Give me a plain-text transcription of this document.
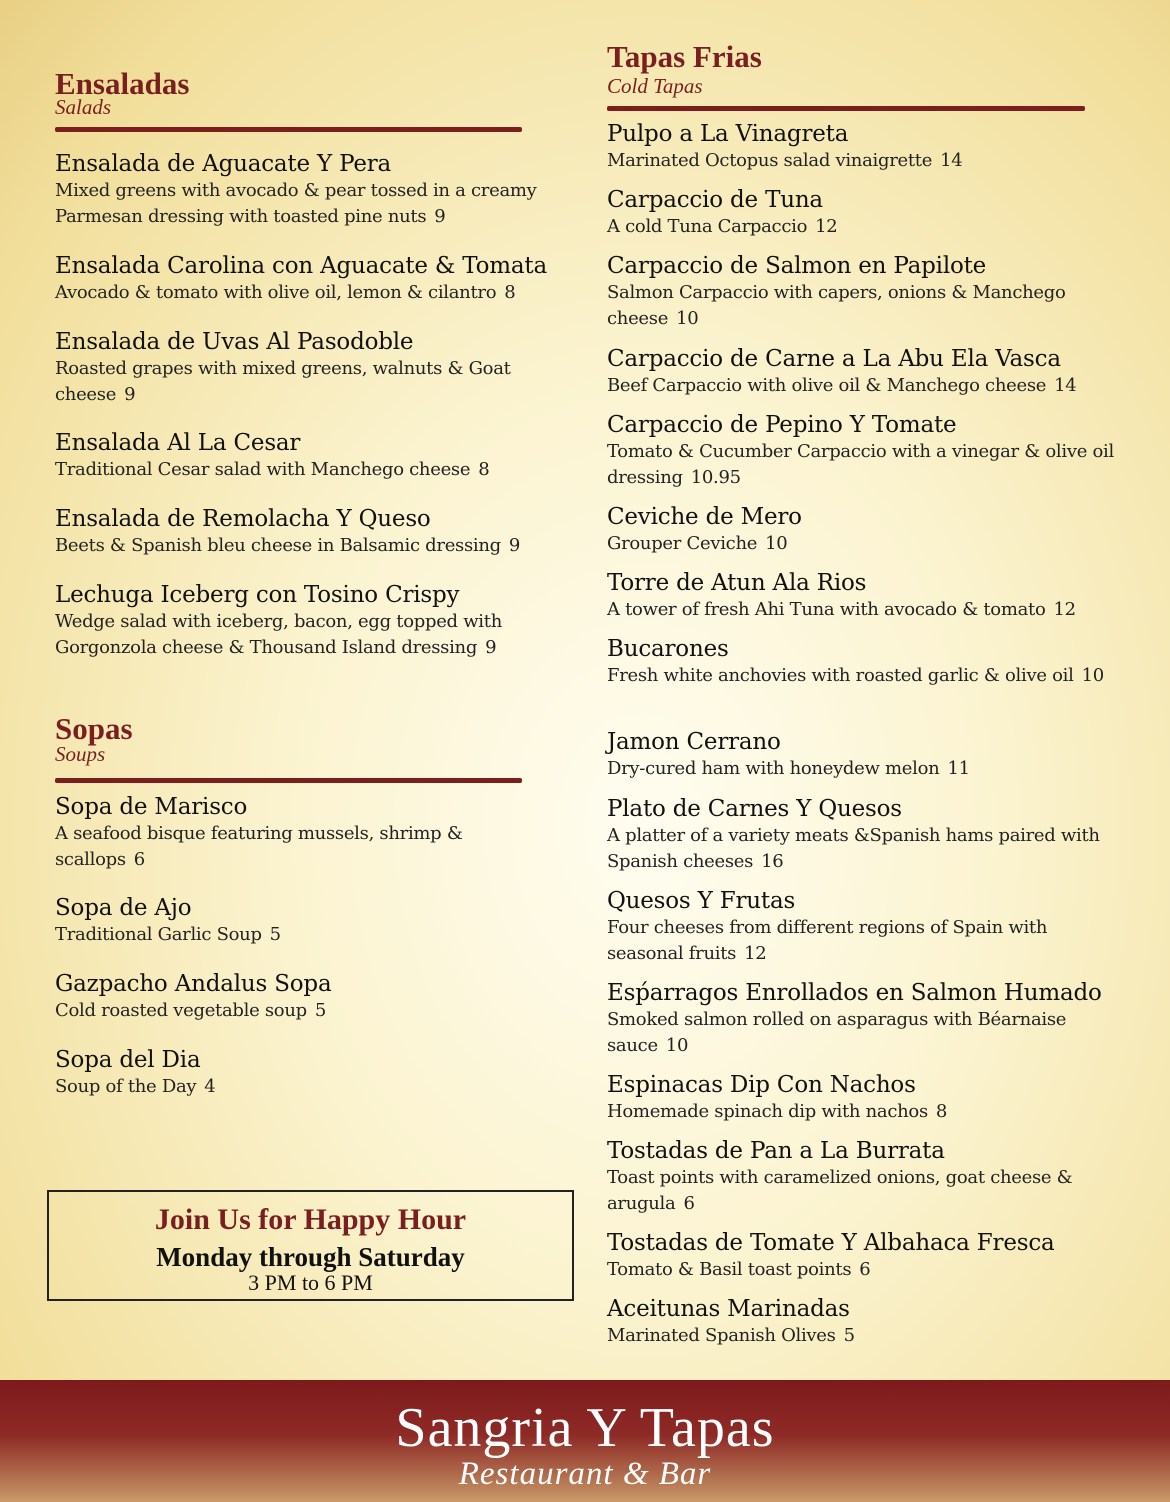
Ensaladas
Salads
Ensalada de Aguacate Y Pera
Mixed greens with avocado & pear tossed in a creamy Parmesan dressing with toasted pine nuts 9
Ensalada Carolina con Aguacate & Tomata
Avocado & tomato with olive oil, lemon & cilantro 8
Ensalada de Uvas Al Pasodoble
Roasted grapes with mixed greens, walnuts & Goat cheese 9
Ensalada Al La Cesar
Traditional Cesar salad with Manchego cheese 8
Ensalada de Remolacha Y Queso
Beets & Spanish bleu cheese in Balsamic dressing 9
Lechuga Iceberg con Tosino Crispy
Wedge salad with iceberg, bacon, egg topped with Gorgonzola cheese & Thousand Island dressing 9
Sopas
Soups
Sopa de Marisco
A seafood bisque featuring mussels, shrimp & scallops 6
Sopa de Ajo
Traditional Garlic Soup 5
Gazpacho Andalus Sopa
Cold roasted vegetable soup 5
Sopa del Dia
Soup of the Day 4
Join Us for Happy Hour
Monday through Saturday
3 PM to 6 PM
Tapas Frias
Cold Tapas
Pulpo a La Vinagreta
Marinated Octopus salad vinaigrette 14
Carpaccio de Tuna
A cold Tuna Carpaccio 12
Carpaccio de Salmon en Papilote
Salmon Carpaccio with capers, onions & Manchego cheese 10
Carpaccio de Carne a La Abu Ela Vasca
Beef Carpaccio with olive oil & Manchego cheese 14
Carpaccio de Pepino Y Tomate
Tomato & Cucumber Carpaccio with a vinegar & olive oil dressing 10.95
Ceviche de Mero
Grouper Ceviche 10
Torre de Atun Ala Rios
A tower of fresh Ahi Tuna with avocado & tomato 12
Bucarones
Fresh white anchovies with roasted garlic & olive oil 10
Jamon Cerrano
Dry-cured ham with honeydew melon 11
Plato de Carnes Y Quesos
A platter of a variety meats &Spanish hams paired with Spanish cheeses 16
Quesos Y Frutas
Four cheeses from different regions of Spain with seasonal fruits 12
Esṕarragos Enrollados en Salmon Humado
Smoked salmon rolled on asparagus with Béarnaise sauce 10
Espinacas Dip Con Nachos
Homemade spinach dip with nachos 8
Tostadas de Pan a La Burrata
Toast points with caramelized onions, goat cheese & arugula 6
Tostadas de Tomate Y Albahaca Fresca
Tomato & Basil toast points 6
Aceitunas Marinadas
Marinated Spanish Olives 5
Sangria Y Tapas
Restaurant & Bar
